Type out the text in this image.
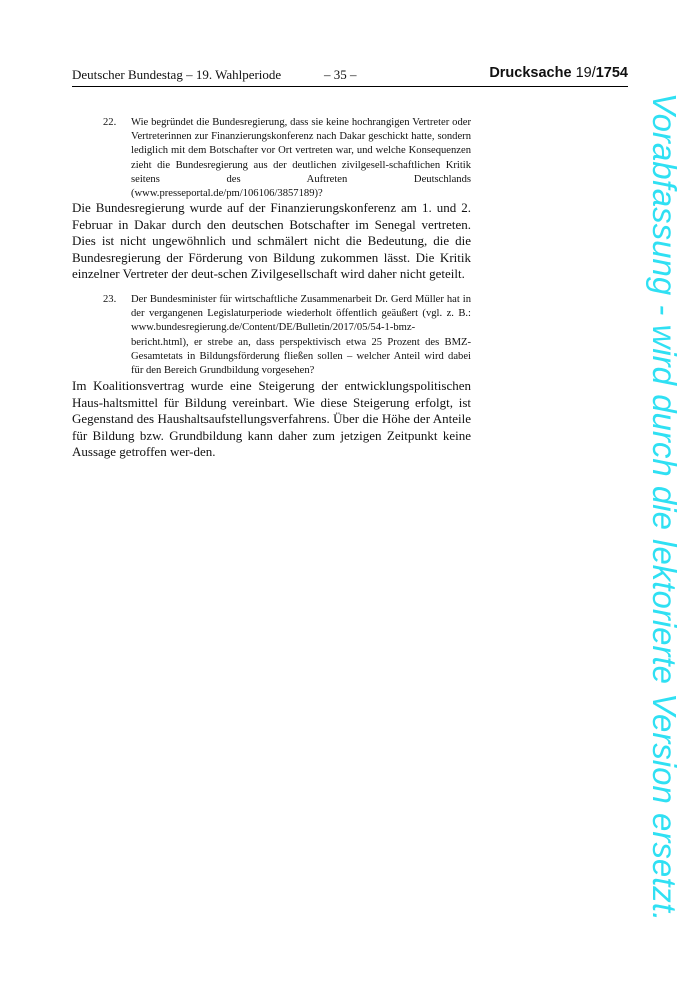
Deutscher Bundestag – 19. Wahlperiode	– 35 –	Drucksache 19/1754
22. Wie begründet die Bundesregierung, dass sie keine hochrangigen Vertreter oder Vertreterinnen zur Finanzierungskonferenz nach Dakar geschickt hatte, sondern lediglich mit dem Botschafter vor Ort vertreten war, und welche Konsequenzen zieht die Bundesregierung aus der deutlichen zivilgesell-schaftlichen Kritik seitens des Auftreten Deutschlands (www.presseportal.de/pm/106106/3857189)?
Die Bundesregierung wurde auf der Finanzierungskonferenz am 1. und 2. Februar in Dakar durch den deutschen Botschafter im Senegal vertreten. Dies ist nicht ungewöhnlich und schmälert nicht die Bedeutung, die die Bundesregierung der Förderung von Bildung zukommen lässt. Die Kritik einzelner Vertreter der deut-schen Zivilgesellschaft wird daher nicht geteilt.
23. Der Bundesminister für wirtschaftliche Zusammenarbeit Dr. Gerd Müller hat in der vergangenen Legislaturperiode wiederholt öffentlich geäußert (vgl. z. B.: www.bundesregierung.de/Content/DE/Bulletin/2017/05/54-1-bmz-bericht.html), er strebe an, dass perspektivisch etwa 25 Prozent des BMZ-Gesamtetats in Bildungsförderung fließen sollen – welcher Anteil wird dabei für den Bereich Grundbildung vorgesehen?
Im Koalitionsvertrag wurde eine Steigerung der entwicklungspolitischen Haus-haltsmittel für Bildung vereinbart. Wie diese Steigerung erfolgt, ist Gegenstand des Haushaltsaufstellungsverfahrens. Über die Höhe der Anteile für Bildung bzw. Grundbildung kann daher zum jetzigen Zeitpunkt keine Aussage getroffen wer-den.	Vorabfassung - wird durch die lektorierte Version ersetzt.
